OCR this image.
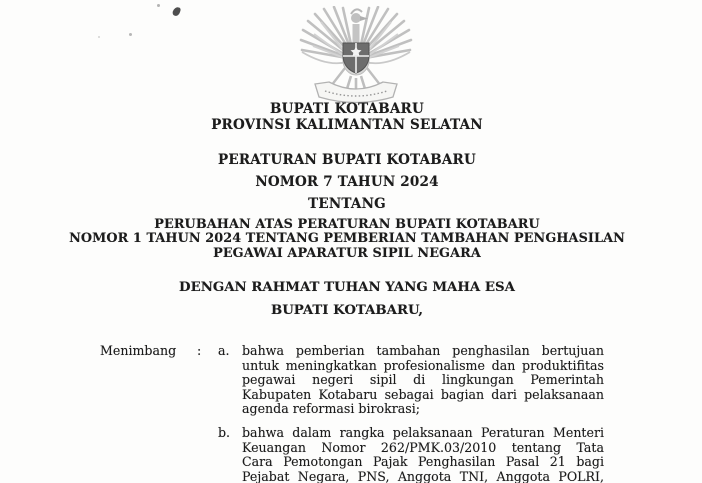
BUPATI KOTABARU
PROVINSI KALIMANTAN SELATAN
PERATURAN BUPATI KOTABARU
NOMOR 7 TAHUN 2024
TENTANG
PERUBAHAN ATAS PERATURAN BUPATI KOTABARU
NOMOR 1 TAHUN 2024 TENTANG PEMBERIAN TAMBAHAN PENGHASILAN
PEGAWAI APARATUR SIPIL NEGARA
DENGAN RAHMAT TUHAN YANG MAHA ESA
BUPATI KOTABARU,
Menimbang	:	a. bahwa pemberian tambahan penghasilan bertujuan
untuk meningkatkan profesionalisme dan produktifitas
pegawai negeri sipil di lingkungan Pemerintah
Kabupaten Kotabaru sebagai bagian dari pelaksanaan
agenda reformasi birokrasi;
b. bahwa dalam rangka pelaksanaan Peraturan Menteri
Keuangan Nomor 262/PMK.03/2010 tentang Tata
Cara Pemotongan Pajak Penghasilan Pasal 21 bagi
Pejabat Negara, PNS, Anggota TNI, Anggota POLRI,
